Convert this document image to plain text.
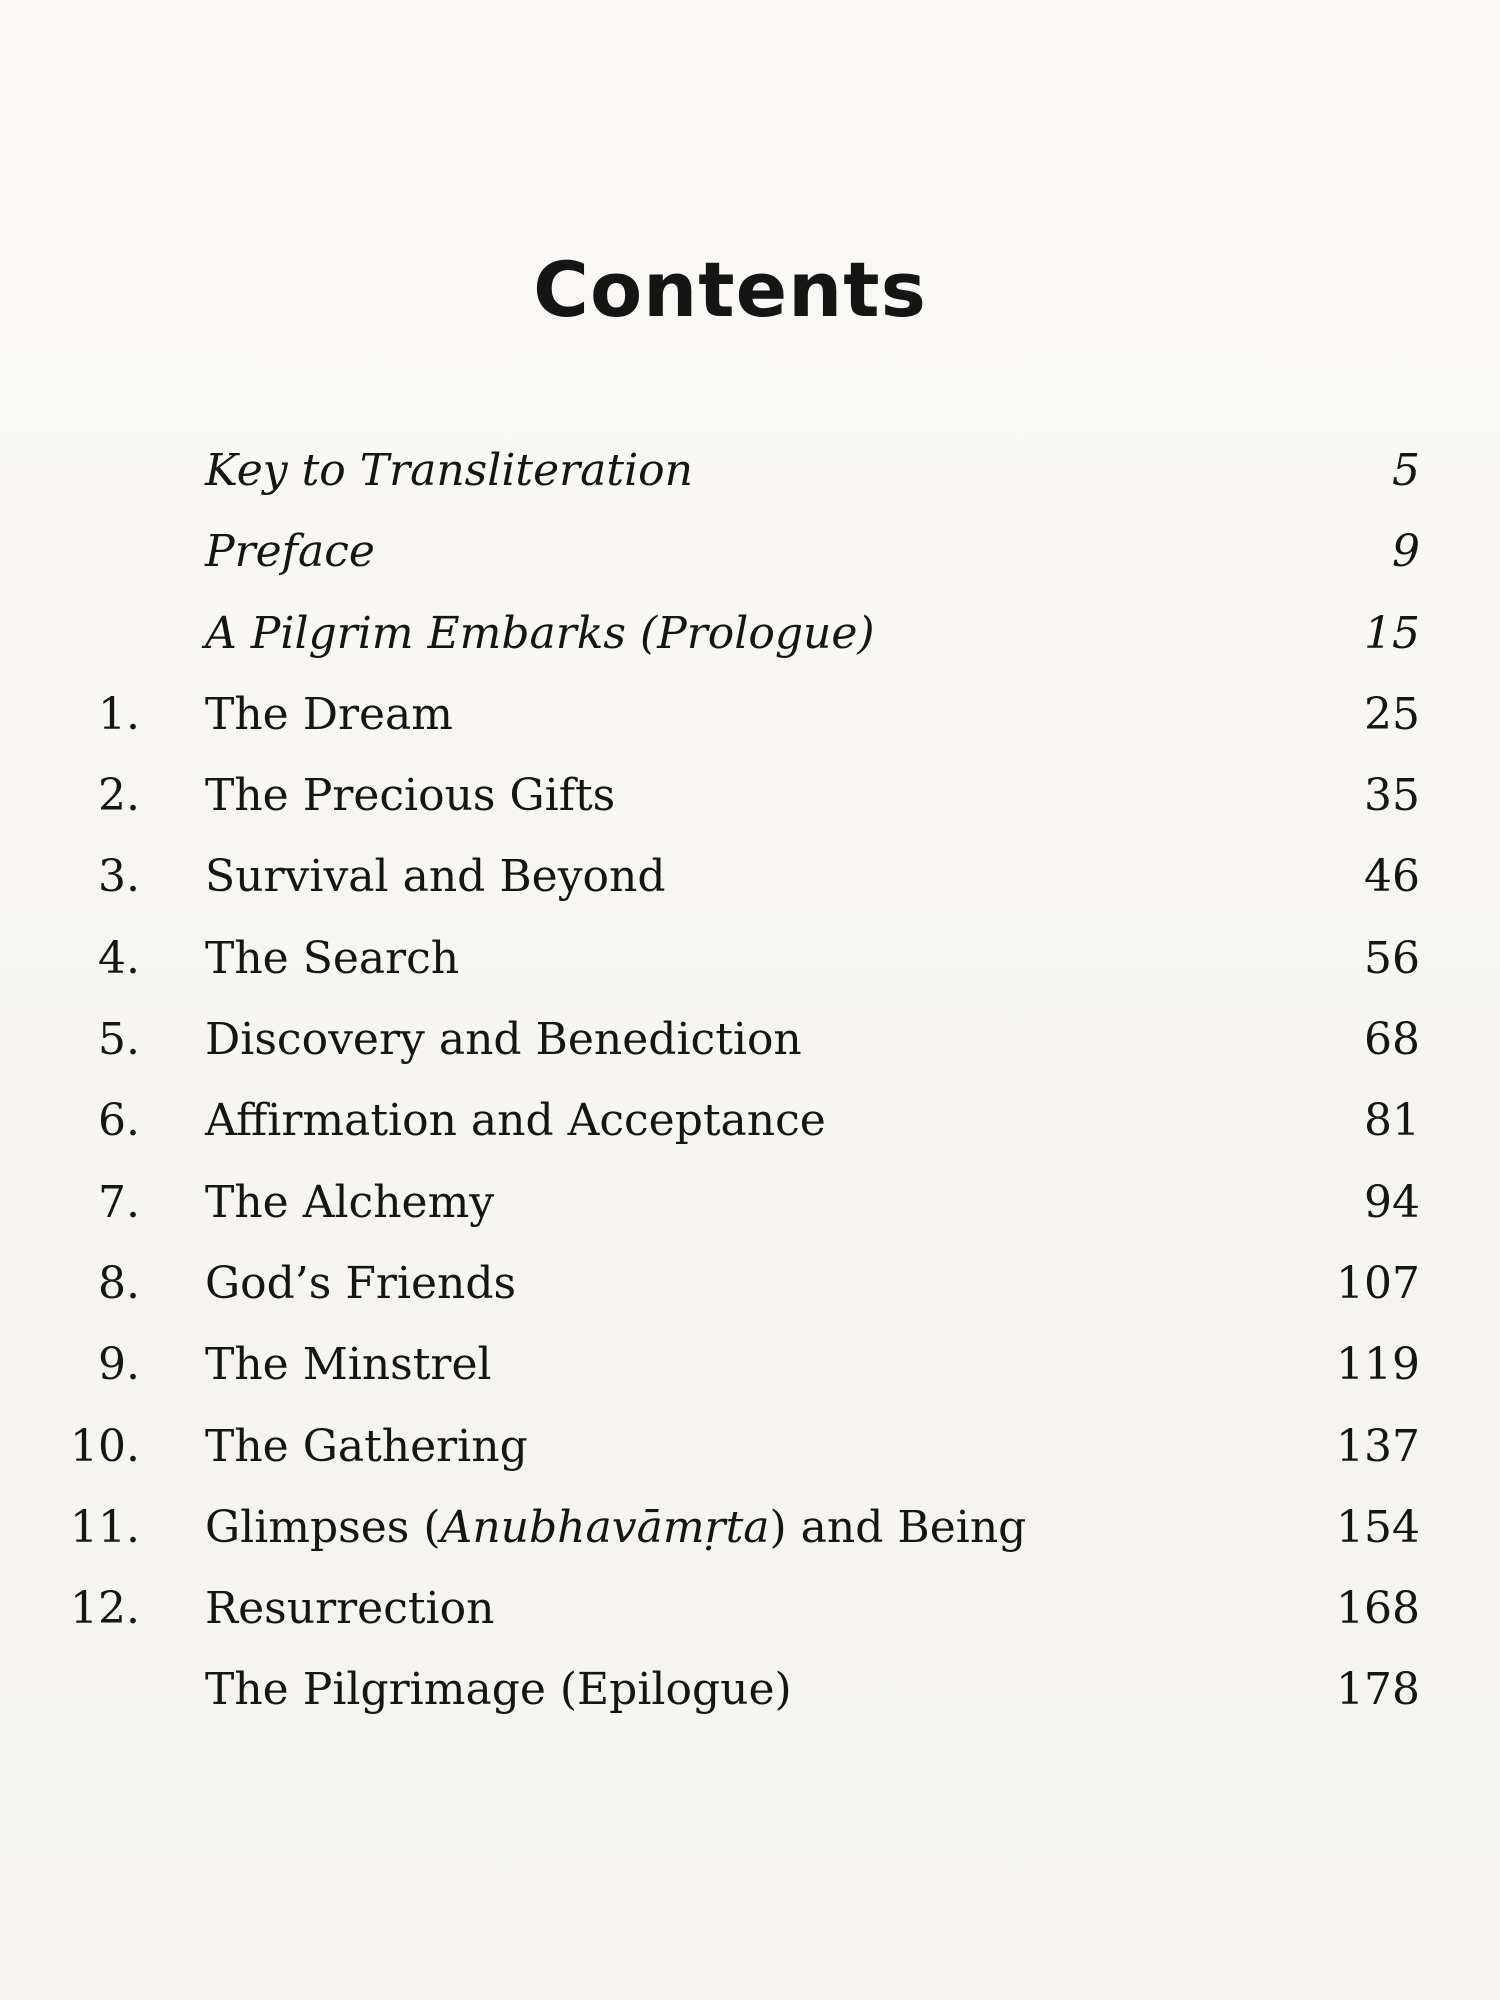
Contents
Key to Transliteration	5
Preface	9
A Pilgrim Embarks (Prologue)	15
1. The Dream	25
2. The Precious Gifts	35
3. Survival and Beyond	46
4. The Search	56
5. Discovery and Benediction	68
6. Affirmation and Acceptance	81
7. The Alchemy	94
8. God’s Friends	107
9. The Minstrel	119
10. The Gathering	137
11. Glimpses (Anubhavāmṛta) and Being	154
12. Resurrection	168
The Pilgrimage (Epilogue)	178
